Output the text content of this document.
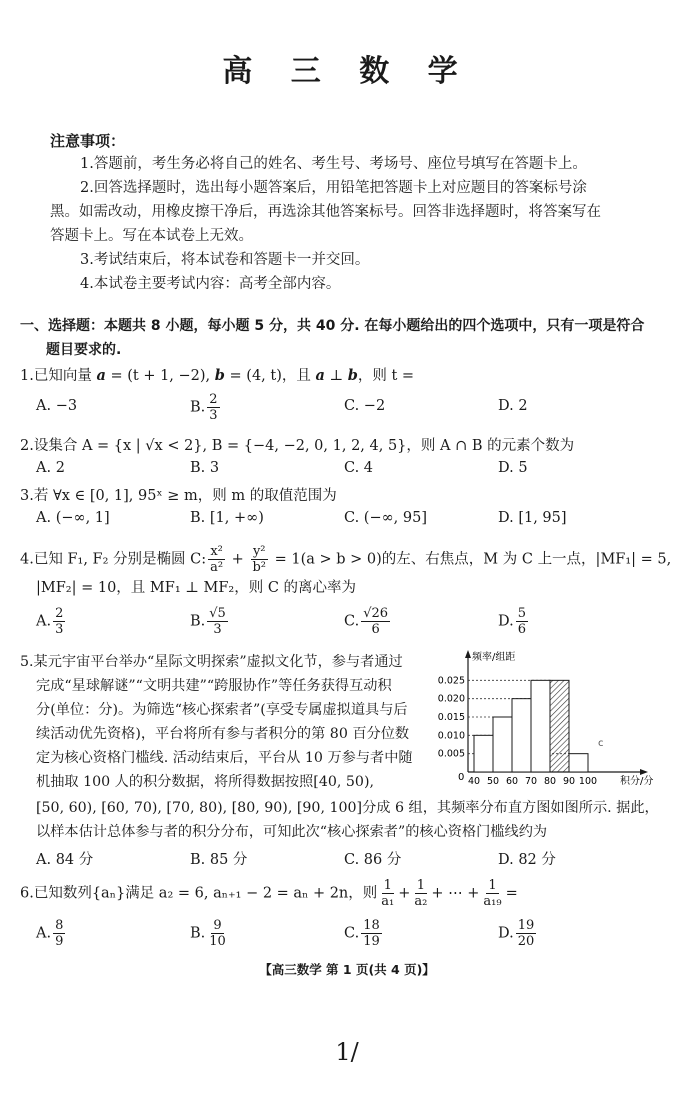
高 三 数 学
注意事项：
1.答题前，考生务必将自己的姓名、考生号、考场号、座位号填写在答题卡上。
2.回答选择题时，选出每小题答案后，用铅笔把答题卡上对应题目的答案标号涂
黑。如需改动，用橡皮擦干净后，再选涂其他答案标号。回答非选择题时，将答案写在
答题卡上。写在本试卷上无效。
3.考试结束后，将本试卷和答题卡一并交回。
4.本试卷主要考试内容：高考全部内容。
一、选择题：本题共 8 小题，每小题 5 分，共 40 分. 在每小题给出的四个选项中，只有一项是符合
题目要求的.
1.已知向量 a = (t + 1, −2), b = (4, t)，且 a ⊥ b，则 t =
A. −3	B. $\frac{2}{3}$	C. −2	D. 2
2.设集合 A = {x | √x < 2}, B = {−4, −2, 0, 1, 2, 4, 5}，则 A ∩ B 的元素个数为
A. 2	B. 3	C. 4	D. 5
3.若 ∀x ∈ [0, 1], 95ˣ ≥ m，则 m 的取值范围为
A. (−∞, 1]	B. [1, +∞)	C. (−∞, 95]	D. [1, 95]
4.已知 F₁, F₂ 分别是椭圆 C: $\frac{\text{x²}}{\text{a²}} + \frac{\text{y²}}{\text{b²}} = 1(a > b > 0)$的左、右焦点，M 为 C 上一点，|MF₁| = 5,
|MF₂| = 10，且 MF₁ ⊥ MF₂，则 C 的离心率为
A. $\frac{2}{3}$	B. $\frac{√5}{3}$	C. $\frac{√26}{6}$	D. $\frac{5}{6}$
5.某元宇宙平台举办“星际文明探索”虚拟文化节，参与者通过
完成“星球解谜”“文明共建”“跨服协作”等任务获得互动积
分(单位：分)。为筛选“核心探索者”(享受专属虚拟道具与后
续活动优先资格)，平台将所有参与者积分的第 80 百分位数
定为核心资格门槛线. 活动结束后，平台从 10 万参与者中随
机抽取 100 人的积分数据，将所得数据按照[40, 50),
[50, 60), [60, 70), [70, 80), [80, 90), [90, 100]分成 6 组，其频率分布直方图如图所示. 据此，
以样本估计总体参与者的积分分布，可知此次“核心探索者”的核心资格门槛线约为
A. 84 分	B. 85 分	C. 86 分	D. 82 分
频率/组距
积分/分
0
c
0.005
0.010
0.015
0.020
0.025
40 50 60 70 80 90 100
6.已知数列{aₙ}满足 a₂ = 6, aₙ₊₁ − 2 = aₙ + 2n，则 $\frac{1}{\text{a₁}} + \frac{1}{\text{a₂}}$ + ⋯ + $\frac{1}{\text{a₁₉}}$ =
A. $\frac{8}{9}$	B. $\frac{9}{10}$	C. $\frac{18}{19}$	D. $\frac{19}{20}$
【高三数学 第 1 页(共 4 页)】
1/
